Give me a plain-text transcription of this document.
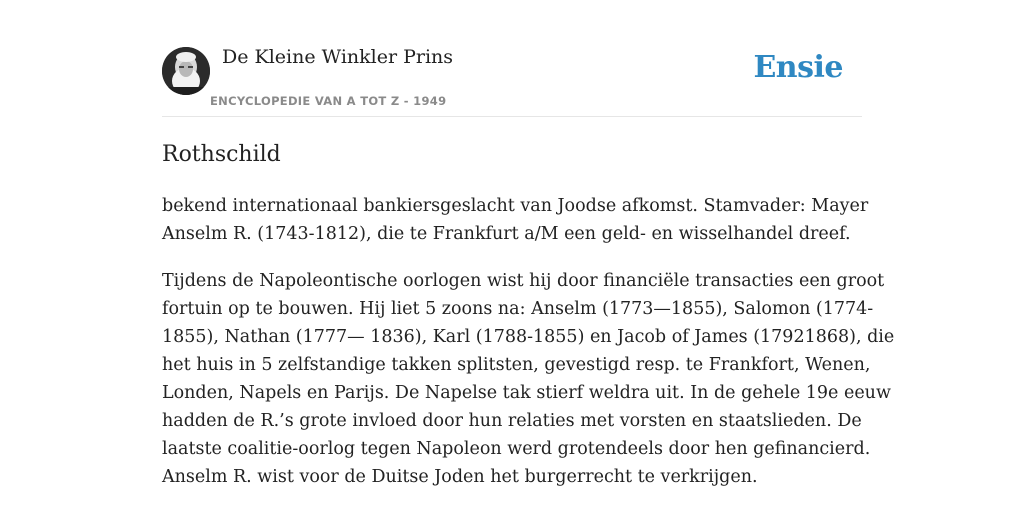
De Kleine Winkler Prins
ENCYCLOPEDIE VAN A TOT Z - 1949
Ensie
Rothschild

bekend internationaal bankiersgeslacht van Joodse afkomst. Stamvader: Mayer
Anselm R. (1743-1812), die te Frankfurt a/M een geld- en wisselhandel dreef.

Tijdens de Napoleontische oorlogen wist hij door financiële transacties een groot
fortuin op te bouwen. Hij liet 5 zoons na: Anselm (1773—1855), Salomon (1774-
1855), Nathan (1777— 1836), Karl (1788-1855) en Jacob of James (17921868), die
het huis in 5 zelfstandige takken splitsten, gevestigd resp. te Frankfort, Wenen,
Londen, Napels en Parijs. De Napelse tak stierf weldra uit. In de gehele 19e eeuw
hadden de R.’s grote invloed door hun relaties met vorsten en staatslieden. De
laatste coalitie-oorlog tegen Napoleon werd grotendeels door hen gefinancierd.
Anselm R. wist voor de Duitse Joden het burgerrecht te verkrijgen.
